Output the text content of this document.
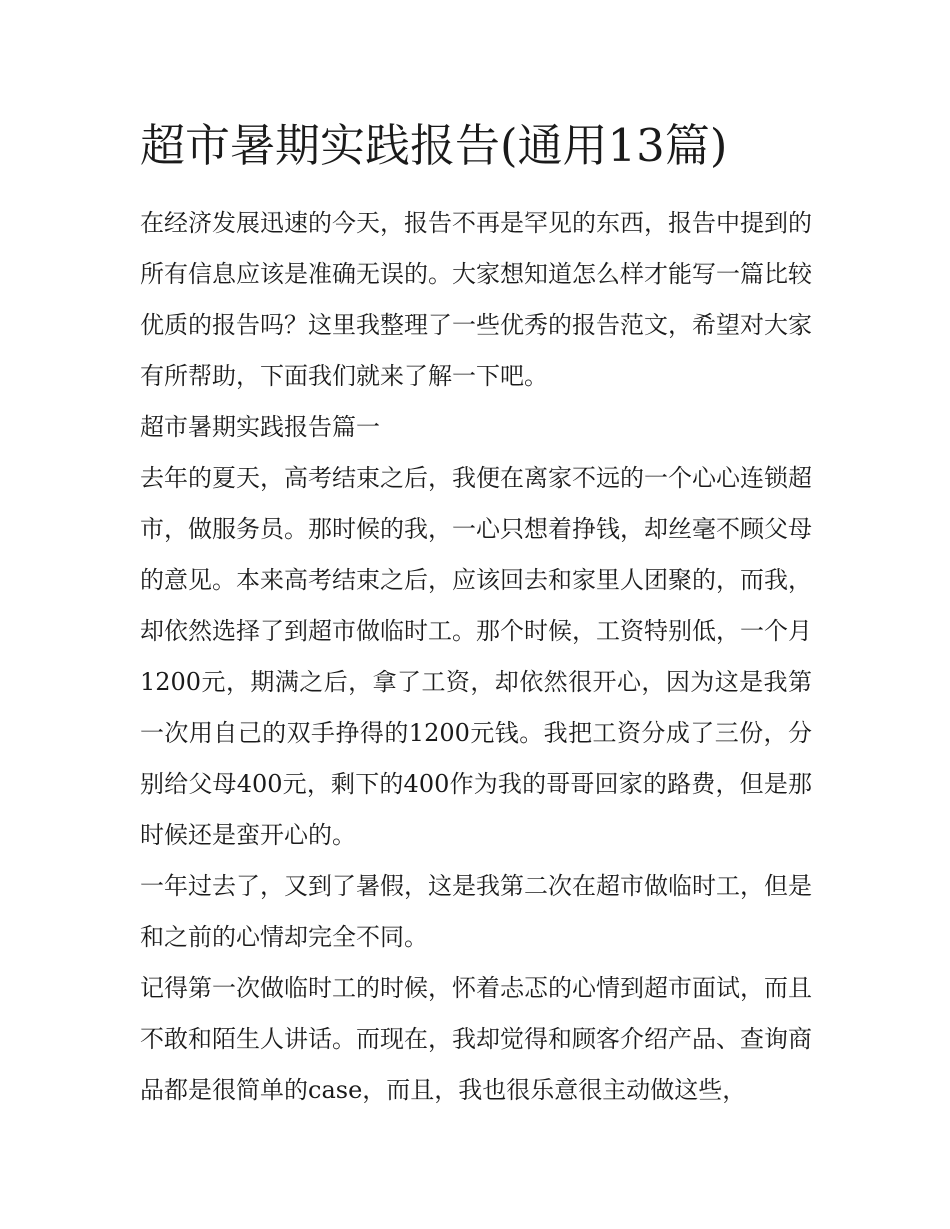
超市暑期实践报告(通用13篇)

在经济发展迅速的今天，报告不再是罕见的东西，报告中提到的所有信息应该是准确无误的。大家想知道怎么样才能写一篇比较优质的报告吗？这里我整理了一些优秀的报告范文，希望对大家有所帮助，下面我们就来了解一下吧。

超市暑期实践报告篇一

去年的夏天，高考结束之后，我便在离家不远的一个心心连锁超市，做服务员。那时候的我，一心只想着挣钱，却丝毫不顾父母的意见。本来高考结束之后，应该回去和家里人团聚的，而我，却依然选择了到超市做临时工。那个时候，工资特别低，一个月1200元，期满之后，拿了工资，却依然很开心，因为这是我第一次用自己的双手挣得的1200元钱。我把工资分成了三份，分别给父母400元，剩下的400作为我的哥哥回家的路费，但是那时候还是蛮开心的。

一年过去了，又到了暑假，这是我第二次在超市做临时工，但是和之前的心情却完全不同。

记得第一次做临时工的时候，怀着忐忑的心情到超市面试，而且不敢和陌生人讲话。而现在，我却觉得和顾客介绍产品、查询商品都是很简单的case，而且，我也很乐意很主动做这些，
